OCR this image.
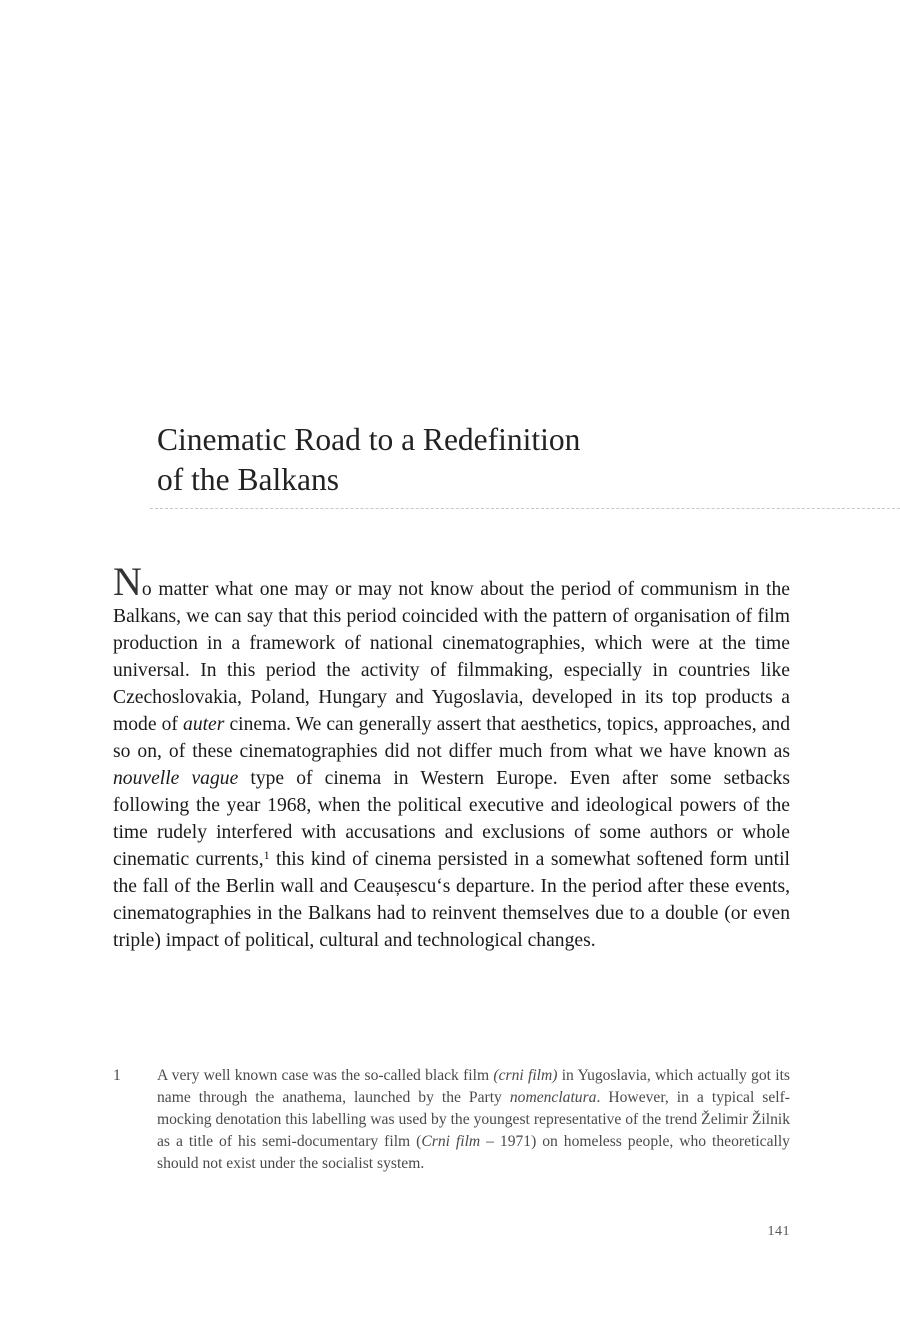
Cinematic Road to a Redefinition
of the Balkans

No matter what one may or may not know about the period of communism in the Balkans, we can say that this period coincided with the pattern of organisation of film production in a framework of national cinematographies, which were at the time universal. In this period the activity of filmmaking, especially in countries like Czechoslovakia, Poland, Hungary and Yugoslavia, developed in its top products a mode of auter cinema. We can generally assert that aesthetics, topics, approaches, and so on, of these cinematographies did not differ much from what we have known as nouvelle vague type of cinema in Western Europe. Even after some setbacks following the year 1968, when the political executive and ideological powers of the time rudely interfered with accusations and exclusions of some authors or whole cinematic currents,$^1$ this kind of cinema persisted in a somewhat softened form until the fall of the Berlin wall and Ceaușescu‘s departure. In the period after these events, cinematographies in the Balkans had to reinvent themselves due to a double (or even triple) impact of political, cultural and technological changes.

1	A very well known case was the so-called black film (crni film) in Yugoslavia, which actually got its name through the anathema, launched by the Party nomenclatura. However, in a typical self-mocking denotation this labelling was used by the youngest representative of the trend Želimir Žilnik as a title of his semi-documentary film (Crni film – 1971) on homeless people, who theoretically should not exist under the socialist system.
141
